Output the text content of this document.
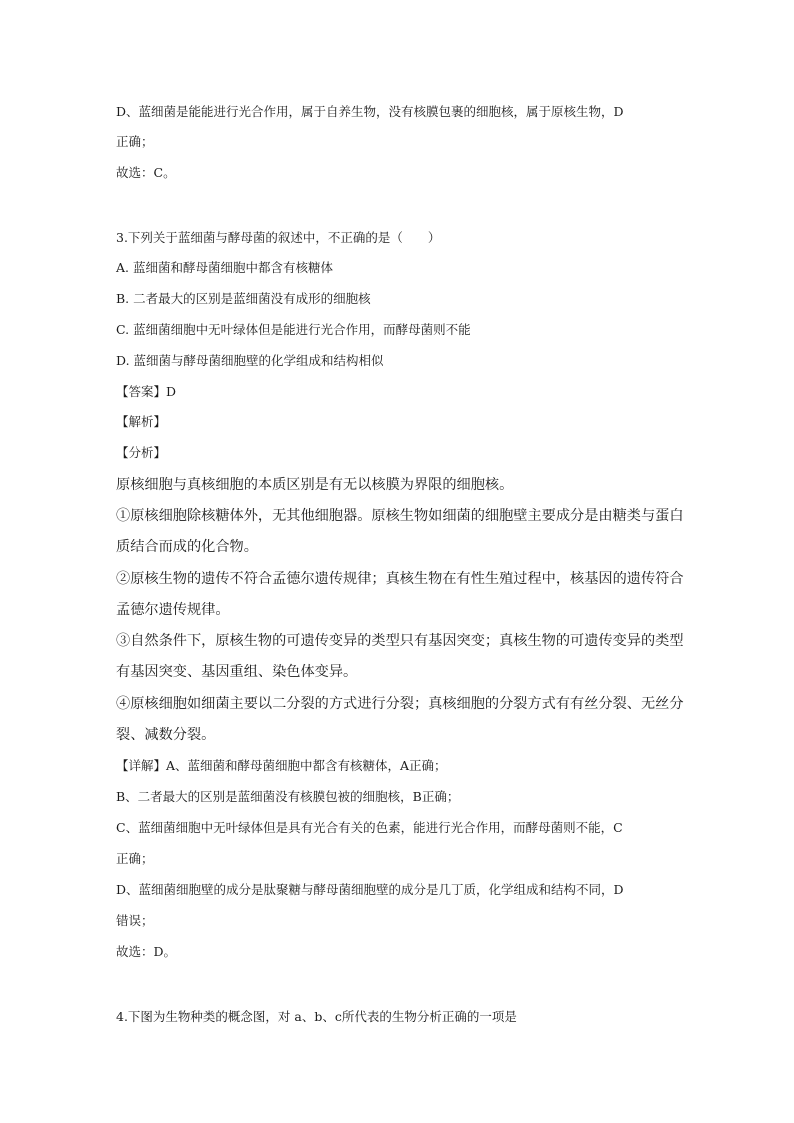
D、蓝细菌是能能进行光合作用，属于自养生物，没有核膜包裹的细胞核，属于原核生物，D
正确；
故选：C。
3.下列关于蓝细菌与酵母菌的叙述中，不正确的是（　　）
A. 蓝细菌和酵母菌细胞中都含有核糖体
B. 二者最大的区别是蓝细菌没有成形的细胞核
C. 蓝细菌细胞中无叶绿体但是能进行光合作用，而酵母菌则不能
D. 蓝细菌与酵母菌细胞壁的化学组成和结构相似
【答案】D
【解析】
【分析】
原核细胞与真核细胞的本质区别是有无以核膜为界限的细胞核。
①原核细胞除核糖体外，无其他细胞器。原核生物如细菌的细胞壁主要成分是由糖类与蛋白
质结合而成的化合物。
②原核生物的遗传不符合孟德尔遗传规律；真核生物在有性生殖过程中，核基因的遗传符合
孟德尔遗传规律。
③自然条件下，原核生物的可遗传变异的类型只有基因突变；真核生物的可遗传变异的类型
有基因突变、基因重组、染色体变异。
④原核细胞如细菌主要以二分裂的方式进行分裂；真核细胞的分裂方式有有丝分裂、无丝分
裂、减数分裂。
【详解】A、蓝细菌和酵母菌细胞中都含有核糖体，A正确；
B、二者最大的区别是蓝细菌没有核膜包被的细胞核，B正确；
C、蓝细菌细胞中无叶绿体但是具有光合有关的色素，能进行光合作用，而酵母菌则不能，C
正确；
D、蓝细菌细胞壁的成分是肽聚糖与酵母菌细胞壁的成分是几丁质，化学组成和结构不同，D
错误；
故选：D。
4.下图为生物种类的概念图，对 a、b、c所代表的生物分析正确的一项是
